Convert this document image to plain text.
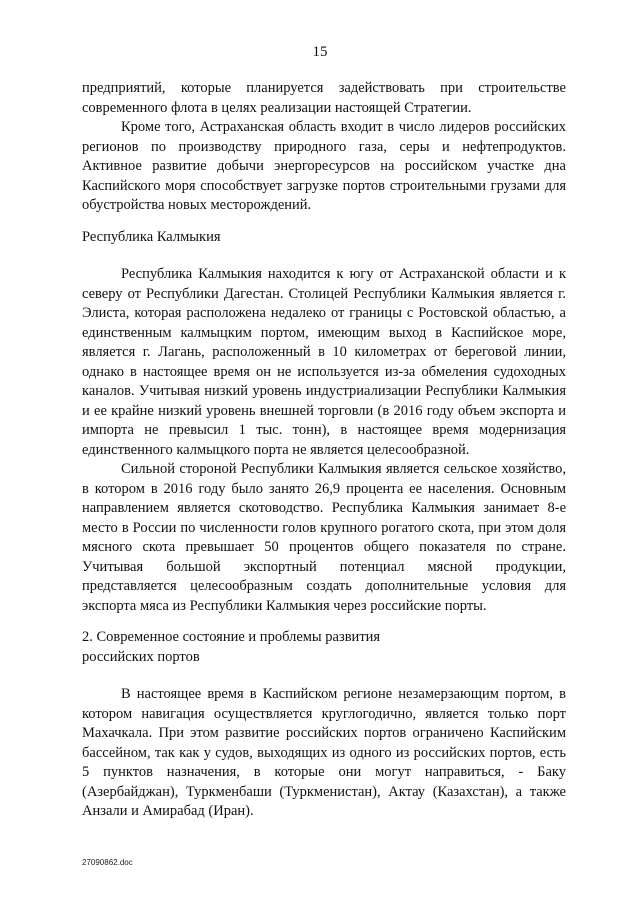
15

предприятий, которые планируется задействовать при строительстве современного флота в целях реализации настоящей Стратегии.

Кроме того, Астраханская область входит в число лидеров российских регионов по производству природного газа, серы и нефтепродуктов. Активное развитие добычи энергоресурсов на российском участке дна Каспийского моря способствует загрузке портов строительными грузами для обустройства новых месторождений.

Республика Калмыкия

Республика Калмыкия находится к югу от Астраханской области и к северу от Республики Дагестан. Столицей Республики Калмыкия является г. Элиста, которая расположена недалеко от границы с Ростовской областью, а единственным калмыцким портом, имеющим выход в Каспийское море, является г. Лагань, расположенный в 10 километрах от береговой линии, однако в настоящее время он не используется из-за обмеления судоходных каналов. Учитывая низкий уровень индустриализации Республики Калмыкия и ее крайне низкий уровень внешней торговли (в 2016 году объем экспорта и импорта не превысил 1 тыс. тонн), в настоящее время модернизация единственного калмыцкого порта не является целесообразной.

Сильной стороной Республики Калмыкия является сельское хозяйство, в котором в 2016 году было занято 26,9 процента ее населения. Основным направлением является скотоводство. Республика Калмыкия занимает 8-е место в России по численности голов крупного рогатого скота, при этом доля мясного скота превышает 50 процентов общего показателя по стране. Учитывая большой экспортный потенциал мясной продукции, представляется целесообразным создать дополнительные условия для экспорта мяса из Республики Калмыкия через российские порты.

2. Современное состояние и проблемы развития

российских портов

В настоящее время в Каспийском регионе незамерзающим портом, в котором навигация осуществляется круглогодично, является только порт Махачкала. При этом развитие российских портов ограничено Каспийским бассейном, так как у судов, выходящих из одного из российских портов, есть 5 пунктов назначения, в которые они могут направиться, - Баку (Азербайджан), Туркменбаши (Туркменистан), Актау (Казахстан), а также Анзали и Амирабад (Иран).

27090862.doc
